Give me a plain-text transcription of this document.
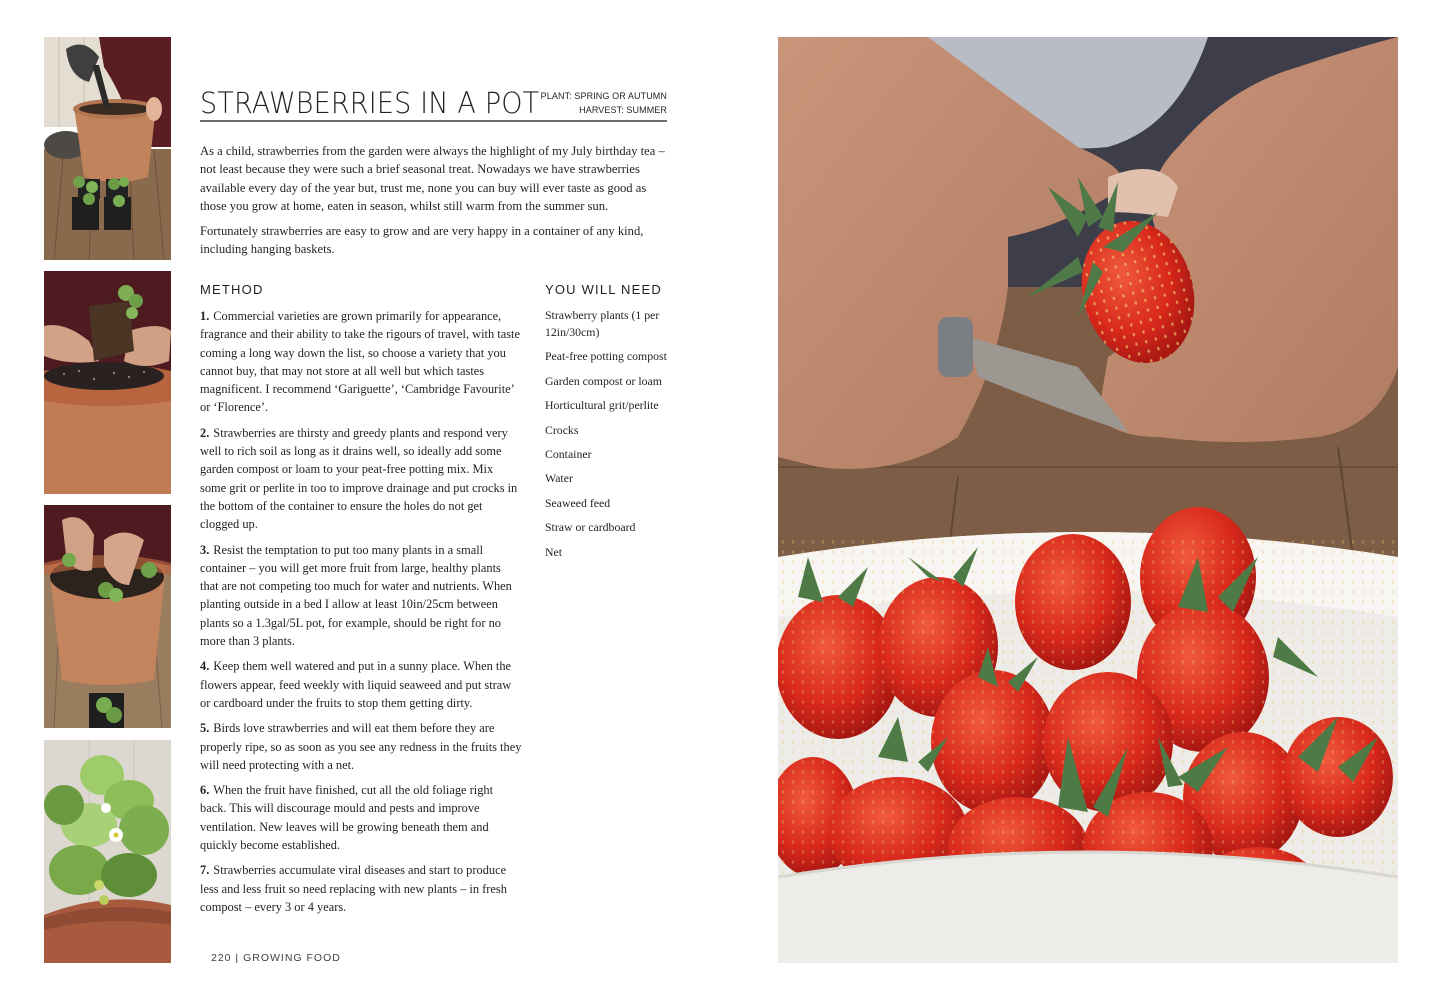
STRAWBERRIES IN A POT PLANT: SPRING OR AUTUMN
HARVEST: SUMMER

As a child, strawberries from the garden were always the highlight of my July birthday tea – not least because they were such a brief seasonal treat. Nowadays we have strawberries available every day of the year but, trust me, none you can buy will ever taste as good as those you grow at home, eaten in season, whilst still warm from the summer sun.

Fortunately strawberries are easy to grow and are very happy in a container of any kind, including hanging baskets.

METHOD

1. Commercial varieties are grown primarily for appearance, fragrance and their ability to take the rigours of travel, with taste coming a long way down the list, so choose a variety that you cannot buy, that may not store at all well but which tastes magnificent. I recommend ‘Gariguette’, ‘Cambridge Favourite’ or ‘Florence’.

2. Strawberries are thirsty and greedy plants and respond very well to rich soil as long as it drains well, so ideally add some garden compost or loam to your peat-free potting mix. Mix some grit or perlite in too to improve drainage and put crocks in the bottom of the container to ensure the holes do not get clogged up.

3. Resist the temptation to put too many plants in a small container – you will get more fruit from large, healthy plants that are not competing too much for water and nutrients. When planting outside in a bed I allow at least 10in/25cm between plants so a 1.3gal/5L pot, for example, should be right for no more than 3 plants.

4. Keep them well watered and put in a sunny place. When the flowers appear, feed weekly with liquid seaweed and put straw or cardboard under the fruits to stop them getting dirty.

5. Birds love strawberries and will eat them before they are properly ripe, so as soon as you see any redness in the fruits they will need protecting with a net.

6. When the fruit have finished, cut all the old foliage right back. This will discourage mould and pests and improve ventilation. New leaves will be growing beneath them and quickly become established.

7. Strawberries accumulate viral diseases and start to produce less and less fruit so need replacing with new plants – in fresh compost – every 3 or 4 years.

YOU WILL NEED
Strawberry plants (1 per 12in/30cm)
Peat-free potting compost
Garden compost or loam
Horticultural grit/perlite
Crocks
Container
Water
Seaweed feed
Straw or cardboard
Net
220 | GROWING FOOD
